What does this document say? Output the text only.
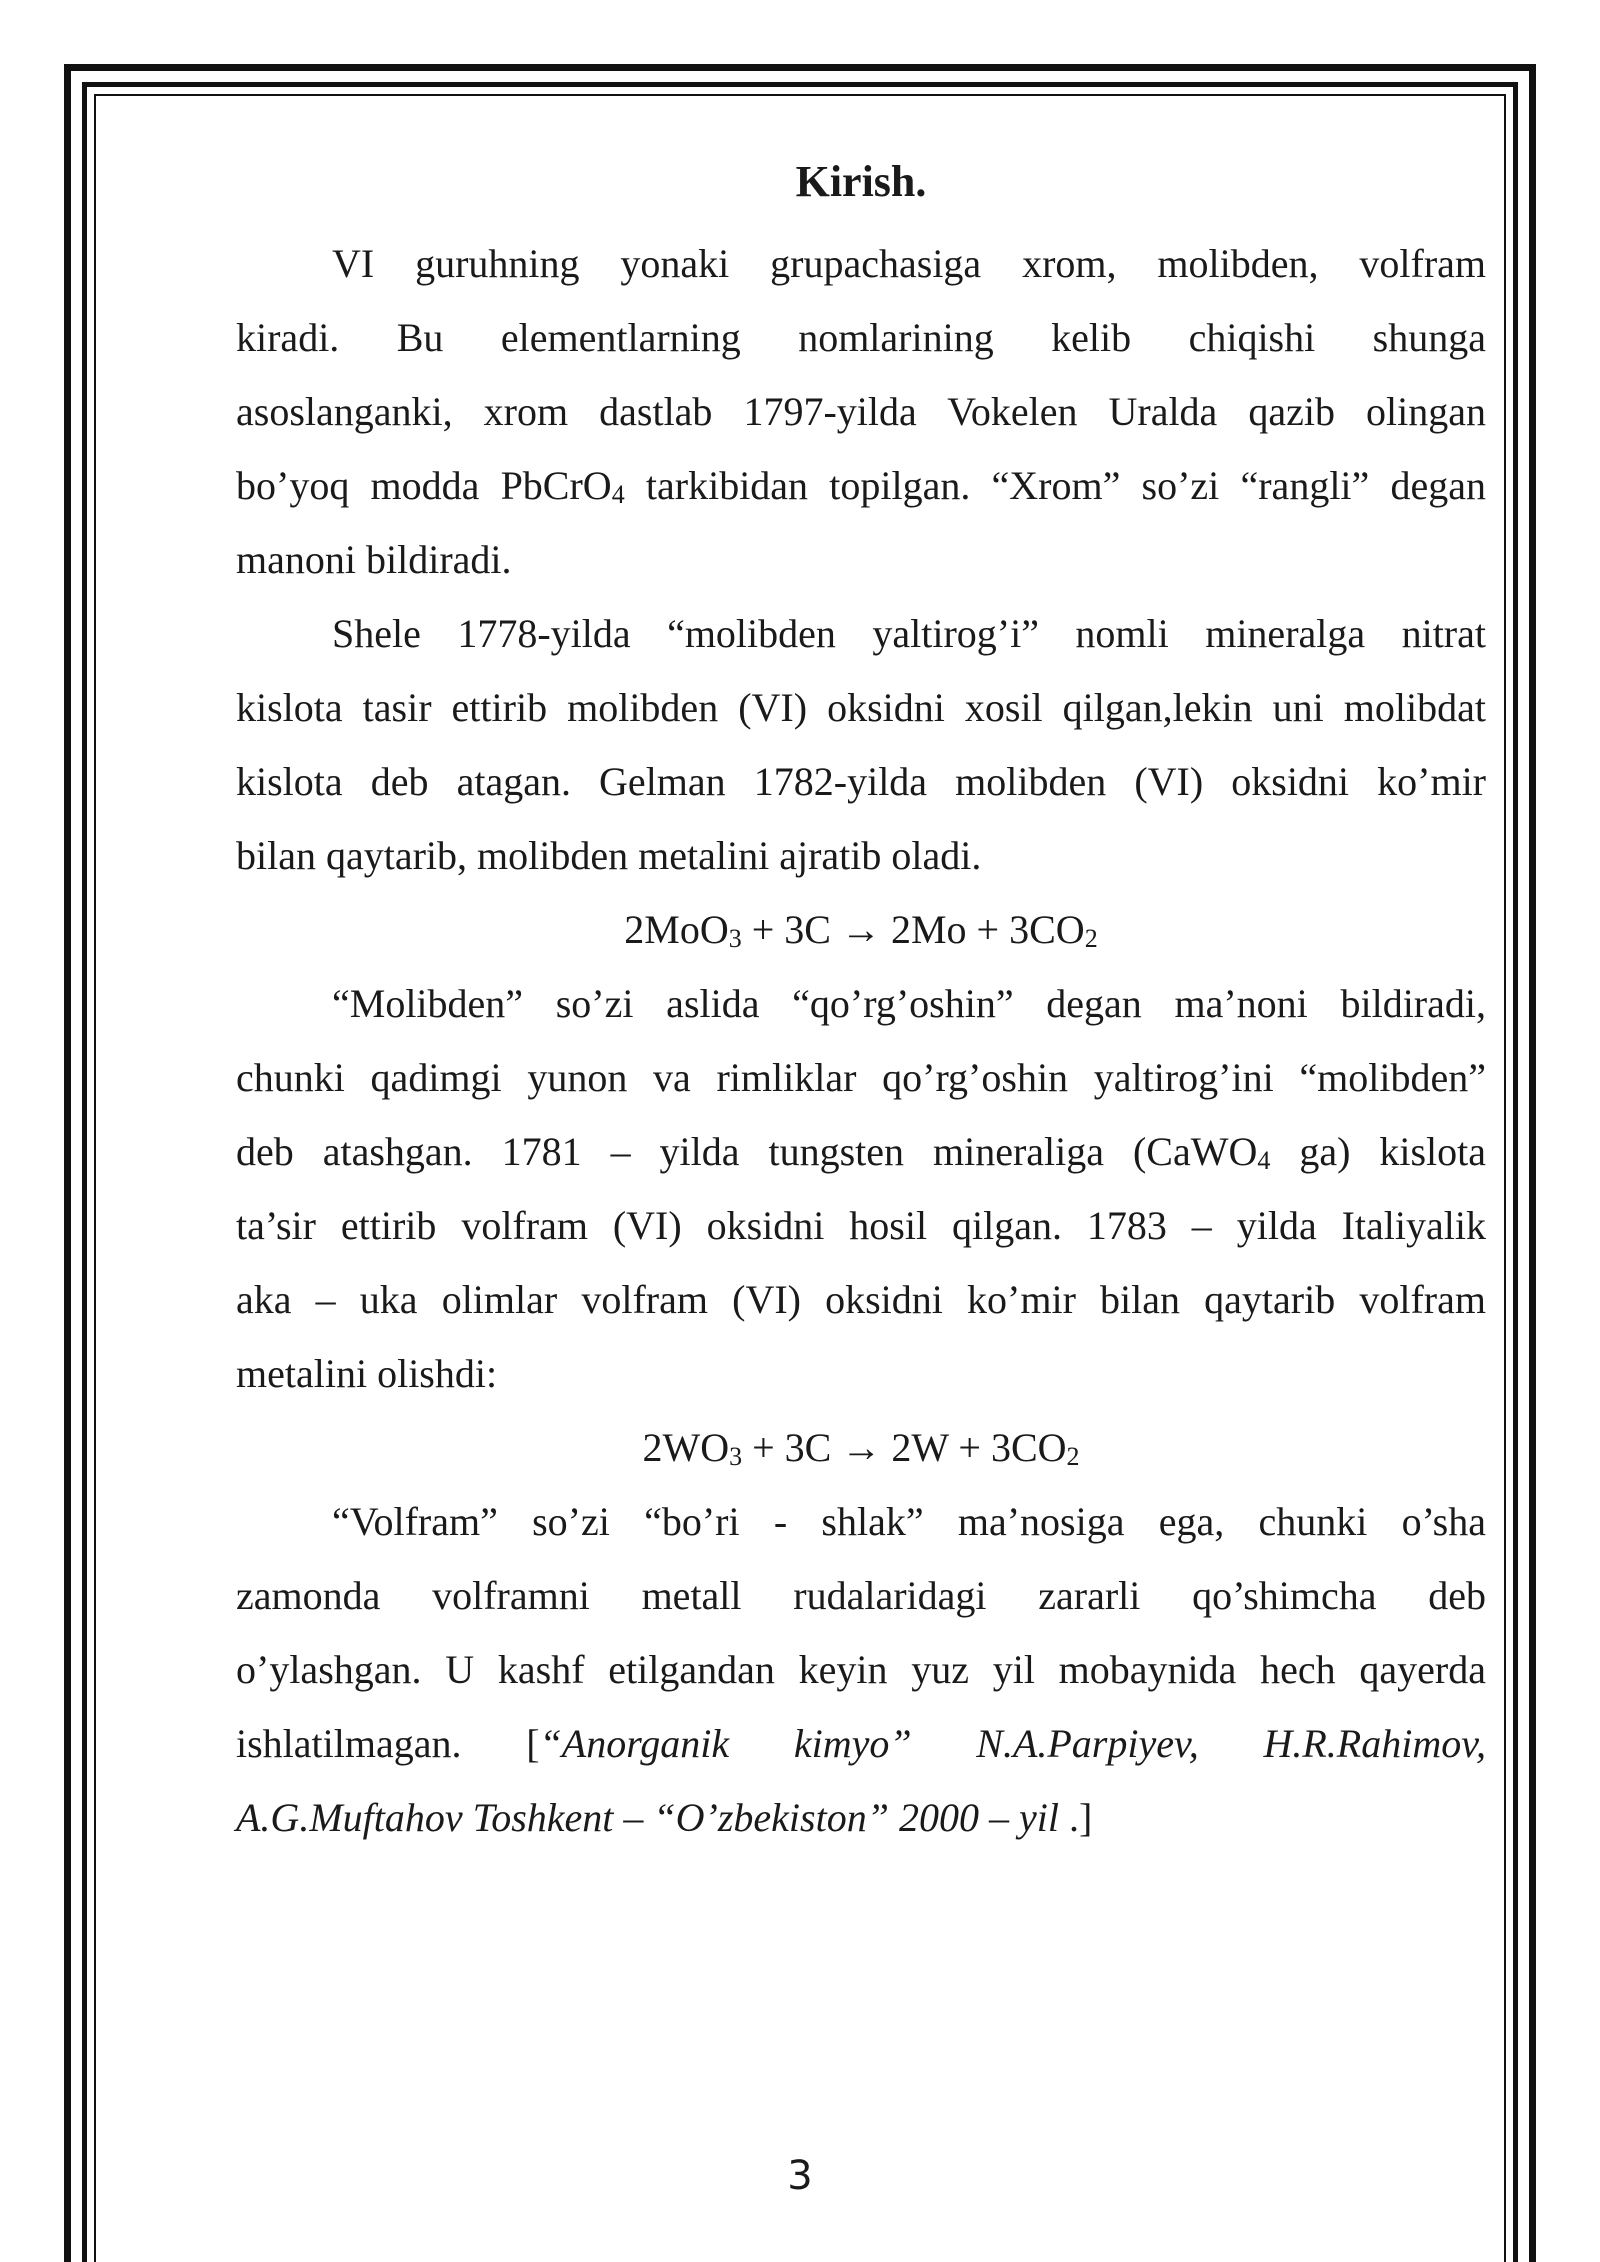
Kirish.
VI guruhning yonaki grupachasiga xrom, molibden, volfram
kiradi. Bu elementlarning nomlarining kelib chiqishi shunga
asoslanganki, xrom dastlab 1797-yilda Vokelen Uralda qazib olingan
bo’yoq modda PbCrO$_4$ tarkibidan topilgan. “Xrom” so’zi “rangli” degan
manoni bildiradi.
Shele 1778-yilda “molibden yaltirog’i” nomli mineralga nitrat
kislota tasir ettirib molibden (VI) oksidni xosil qilgan,lekin uni molibdat
kislota deb atagan. Gelman 1782-yilda molibden (VI) oksidni ko’mir
bilan qaytarib, molibden metalini ajratib oladi.
$2MoO_3 + 3C \to 2Mo + 3CO_2$
“Molibden” so’zi aslida “qo’rg’oshin” degan ma’noni bildiradi,
chunki qadimgi yunon va rimliklar qo’rg’oshin yaltirog’ini “molibden”
deb atashgan. 1781 – yilda tungsten mineraliga (CaWO$_4$ ga) kislota
ta’sir ettirib volfram (VI) oksidni hosil qilgan. 1783 – yilda Italiyalik
aka – uka olimlar volfram (VI) oksidni ko’mir bilan qaytarib volfram
metalini olishdi:
$2WO_3 + 3C \to 2W + 3CO_2$
“Volfram” so’zi “bo’ri - shlak” ma’nosiga ega, chunki o’sha
zamonda volframni metall rudalaridagi zararli qo’shimcha deb
o’ylashgan. U kashf etilgandan keyin yuz yil mobaynida hech qayerda
ishlatilmagan. [“Anorganik kimyo” N.A.Parpiyev, H.R.Rahimov,
A.G.Muftahov Toshkent – “O’zbekiston” 2000 – yil .]
3
